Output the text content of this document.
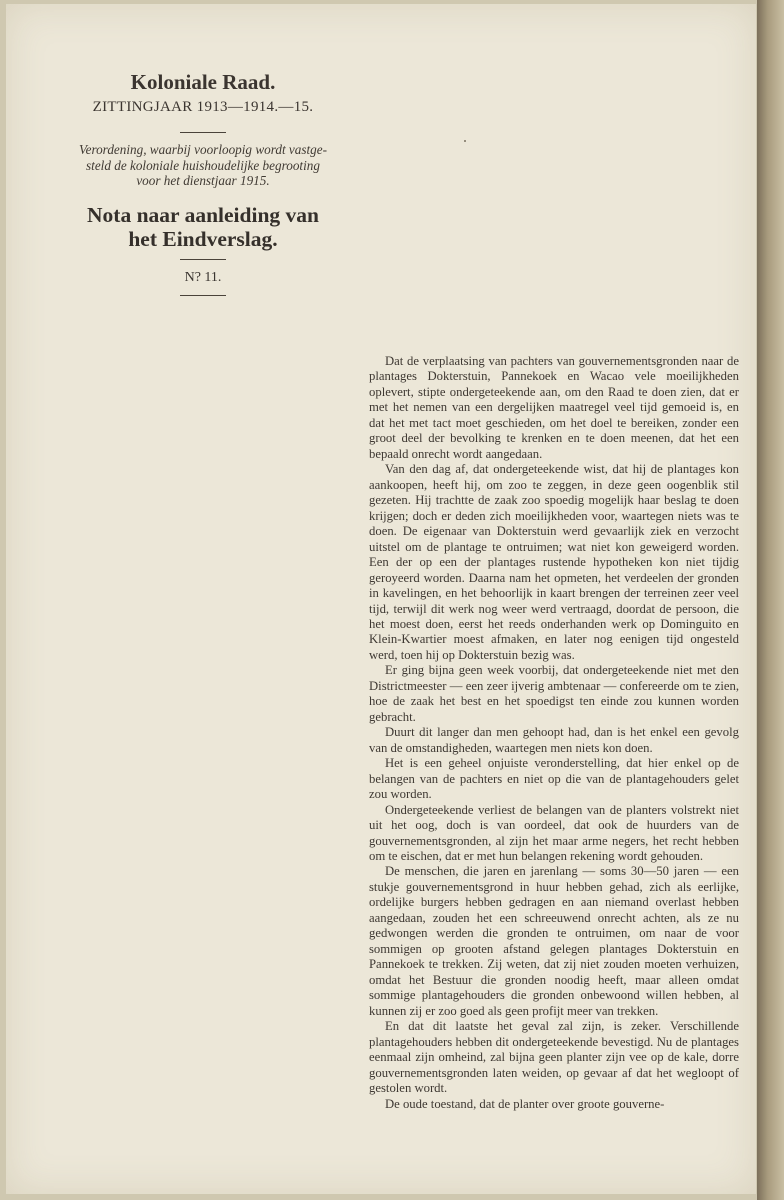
Koloniale Raad.

ZITTINGJAAR 1913—1914.—15.

Verordening, waarbij voorloopig wordt vastge-
steld de koloniale huishoudelijke begrooting
voor het dienstjaar 1915.

Nota naar aanleiding van
het Eindverslag.

N? 11.

Dat de verplaatsing van pachters van gouvernementsgronden naar de plantages Dokterstuin, Pannekoek en Wacao vele moeilijkheden oplevert, stipte ondergeteekende aan, om den Raad te doen zien, dat er met het nemen van een dergelijken maatregel veel tijd gemoeid is, en dat het met tact moet geschieden, om het doel te bereiken, zonder een groot deel der bevolking te krenken en te doen meenen, dat het een bepaald onrecht wordt aangedaan.

Van den dag af, dat ondergeteekende wist, dat hij de plantages kon aankoopen, heeft hij, om zoo te zeggen, in deze geen oogenblik stil gezeten. Hij trachtte de zaak zoo spoedig mogelijk haar beslag te doen krijgen; doch er deden zich moeilijkheden voor, waartegen niets was te doen. De eigenaar van Dokterstuin werd gevaarlijk ziek en verzocht uitstel om de plantage te ontruimen; wat niet kon geweigerd worden. Een der op een der plantages rustende hypotheken kon niet tijdig geroyeerd worden. Daarna nam het opmeten, het verdeelen der gronden in kavelingen, en het behoorlijk in kaart brengen der terreinen zeer veel tijd, terwijl dit werk nog weer werd vertraagd, doordat de persoon, die het moest doen, eerst het reeds onderhanden werk op Dominguito en Klein-Kwartier moest afmaken, en later nog eenigen tijd ongesteld werd, toen hij op Dokterstuin bezig was.

Er ging bijna geen week voorbij, dat ondergeteekende niet met den Districtmeester — een zeer ijverig ambtenaar — confereerde om te zien, hoe de zaak het best en het spoedigst ten einde zou kunnen worden gebracht.

Duurt dit langer dan men gehoopt had, dan is het enkel een gevolg van de omstandigheden, waartegen men niets kon doen.

Het is een geheel onjuiste veronderstelling, dat hier enkel op de belangen van de pachters en niet op die van de plantagehouders gelet zou worden.

Ondergeteekende verliest de belangen van de planters volstrekt niet uit het oog, doch is van oordeel, dat ook de huurders van de gouvernementsgronden, al zijn het maar arme negers, het recht hebben om te eischen, dat er met hun belangen rekening wordt gehouden.

De menschen, die jaren en jarenlang — soms 30—50 jaren — een stukje gouvernementsgrond in huur hebben gehad, zich als eerlijke, ordelijke burgers hebben gedragen en aan niemand overlast hebben aangedaan, zouden het een schreeuwend onrecht achten, als ze nu gedwongen werden die gronden te ontruimen, om naar de voor sommigen op grooten afstand gelegen plantages Dokterstuin en Pannekoek te trekken. Zij weten, dat zij niet zouden moeten verhuizen, omdat het Bestuur die gronden noodig heeft, maar alleen omdat sommige plantagehouders die gronden onbewoond willen hebben, al kunnen zij er zoo goed als geen profijt meer van trekken.

En dat dit laatste het geval zal zijn, is zeker. Verschillende plantagehouders hebben dit ondergeteekende bevestigd. Nu de plantages eenmaal zijn omheind, zal bijna geen planter zijn vee op de kale, dorre gouvernementsgronden laten weiden, op gevaar af dat het wegloopt of gestolen wordt.

De oude toestand, dat de planter over groote gouverne-
